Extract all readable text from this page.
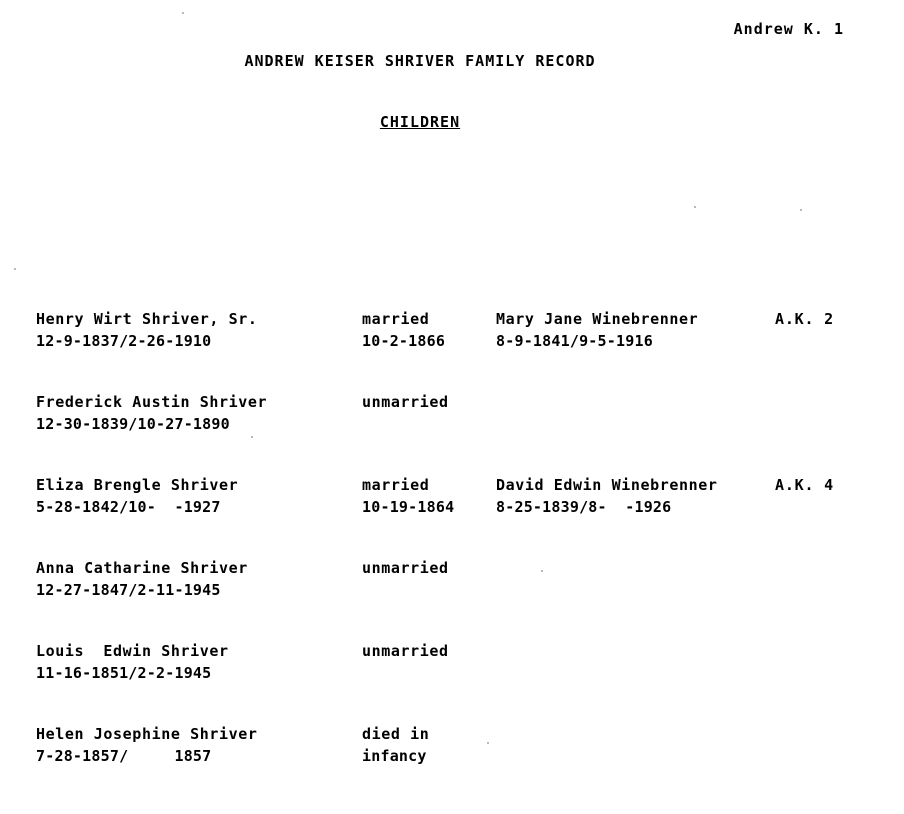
Andrew K. 1
ANDREW KEISER SHRIVER FAMILY RECORD
CHILDREN
Henry Wirt Shriver, Sr.
12-9-1837/2-26-1910
married
10-2-1866
Mary Jane Winebrenner
8-9-1841/9-5-1916
A.K. 2
Frederick Austin Shriver
12-30-1839/10-27-1890
unmarried
Eliza Brengle Shriver
5-28-1842/10-  -1927
married
10-19-1864
David Edwin Winebrenner
8-25-1839/8-  -1926
A.K. 4
Anna Catharine Shriver
12-27-1847/2-11-1945
unmarried
Louis  Edwin Shriver
11-16-1851/2-2-1945
unmarried
Helen Josephine Shriver
7-28-1857/     1857
died in
infancy
